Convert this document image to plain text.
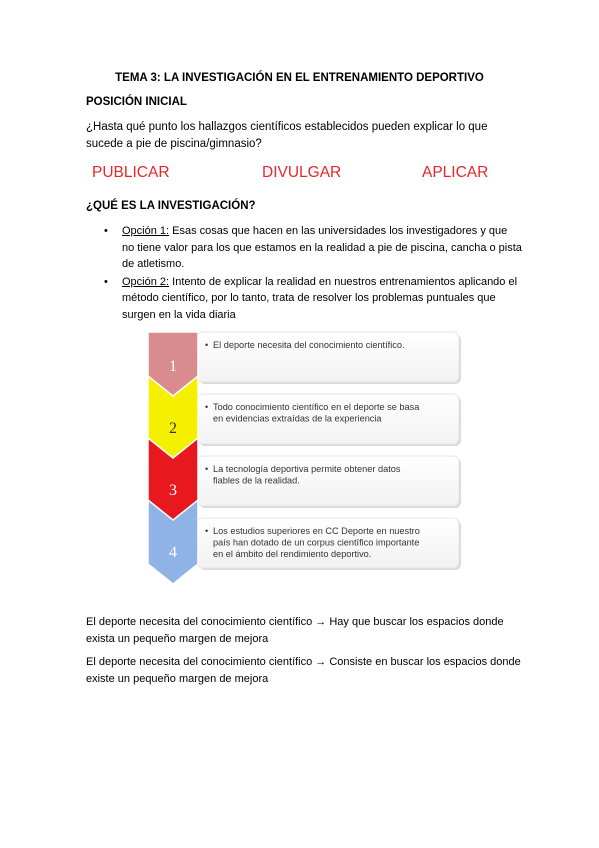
TEMA 3: LA INVESTIGACIÓN EN EL ENTRENAMIENTO DEPORTIVO
POSICIÓN INICIAL
¿Hasta qué punto los hallazgos científicos establecidos pueden explicar lo que sucede a pie de piscina/gimnasio?
PUBLICAR	DIVULGAR	APLICAR
¿QUÉ ES LA INVESTIGACIÓN?
• Opción 1: Esas cosas que hacen en las universidades los investigadores y que no tiene valor para los que estamos en la realidad a pie de piscina, cancha o pista de atletismo.
• Opción 2: Intento de explicar la realidad en nuestros entrenamientos aplicando el método científico, por lo tanto, trata de resolver los problemas puntuales que surgen en la vida diaria
1
• El deporte necesita del conocimiento científico.
2
• Todo conocimiento científico en el deporte se basa
en evidencias extraídas de la experiencia
3
• La tecnología deportiva permite obtener datos
fiables de la realidad.
4
• Los estudios superiores en CC Deporte en nuestro
país han dotado de un corpus científico importante
en el ámbito del rendimiento deportivo.
El deporte necesita del conocimiento científico → Hay que buscar los espacios donde exista un pequeño margen de mejora
El deporte necesita del conocimiento científico → Consiste en buscar los espacios donde existe un pequeño margen de mejora
